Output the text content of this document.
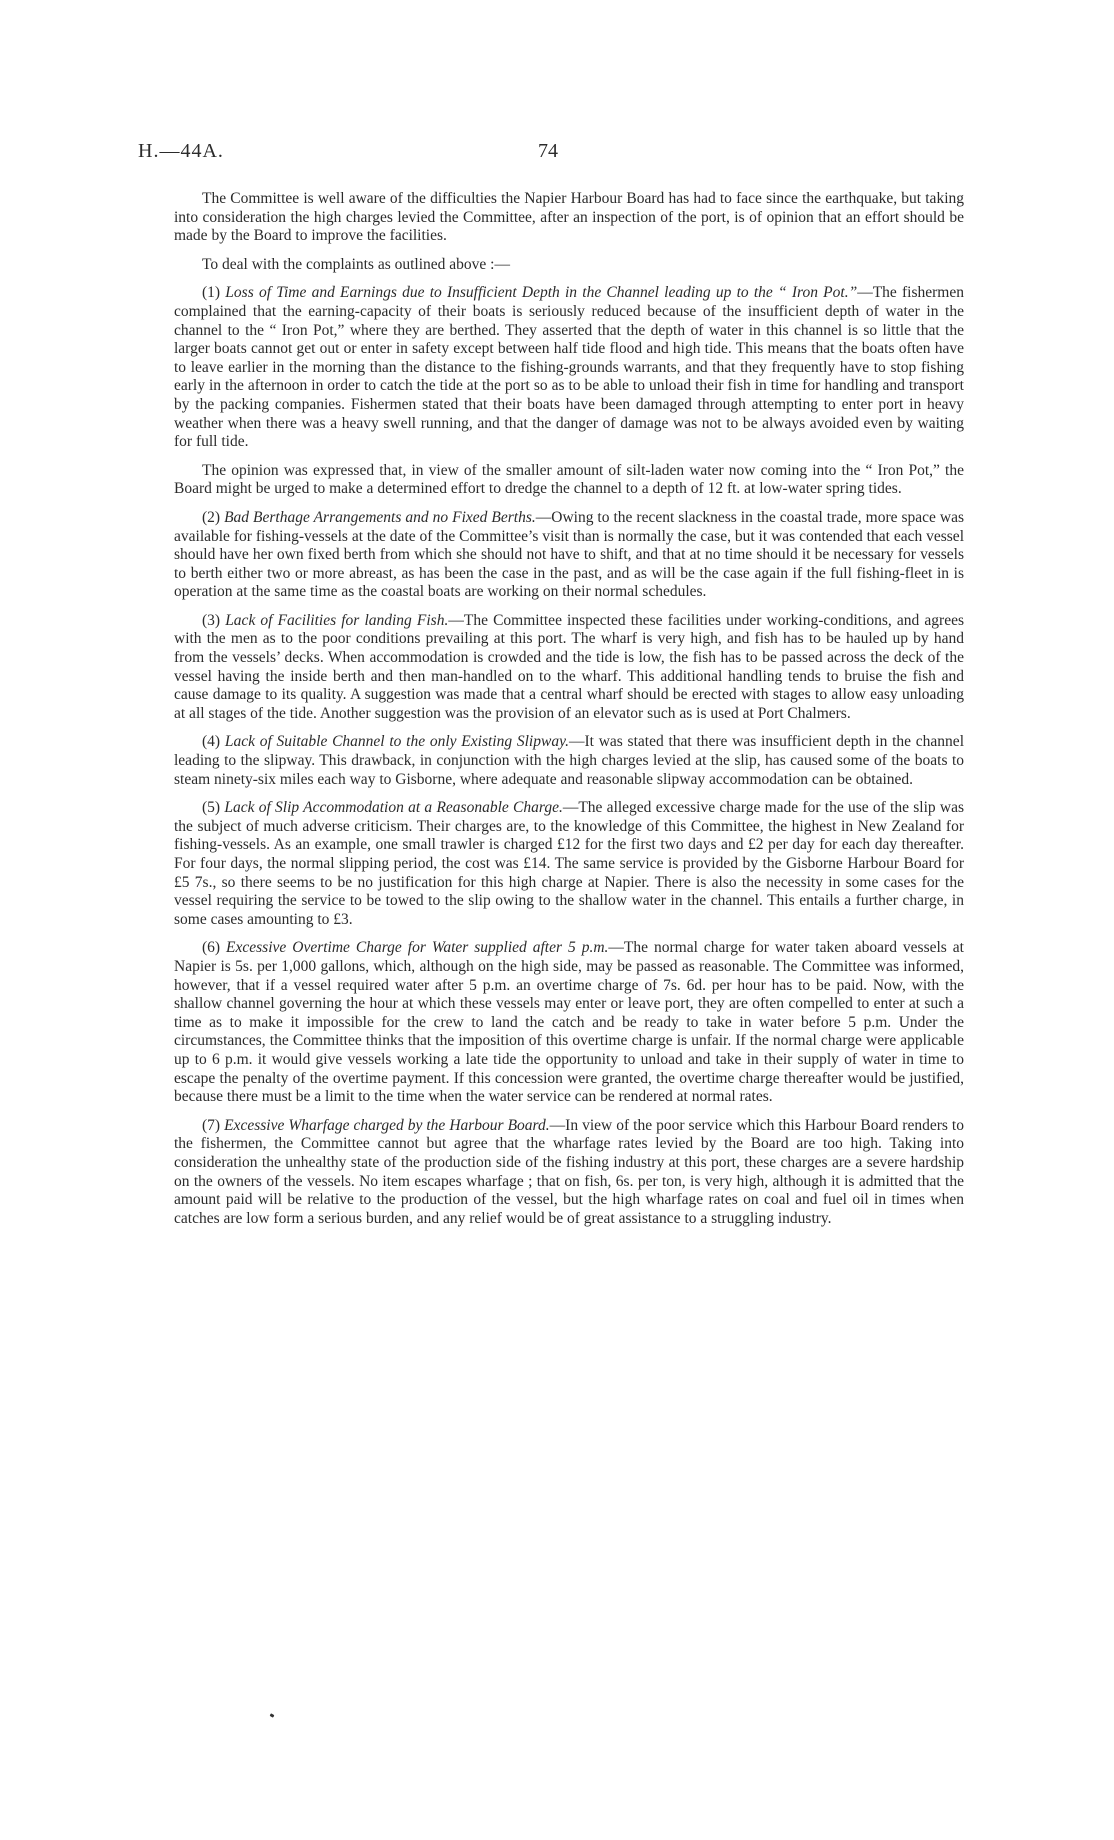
H.—44A.	74

The Committee is well aware of the difficulties the Napier Harbour Board has had to face since the earthquake, but taking into consideration the high charges levied the Committee, after an inspection of the port, is of opinion that an effort should be made by the Board to improve the facilities.

To deal with the complaints as outlined above :—

(1) Loss of Time and Earnings due to Insufficient Depth in the Channel leading up to the “ Iron Pot.”—The fishermen complained that the earning-capacity of their boats is seriously reduced because of the insufficient depth of water in the channel to the “ Iron Pot,” where they are berthed. They asserted that the depth of water in this channel is so little that the larger boats cannot get out or enter in safety except between half tide flood and high tide. This means that the boats often have to leave earlier in the morning than the distance to the fishing-grounds warrants, and that they frequently have to stop fishing early in the afternoon in order to catch the tide at the port so as to be able to unload their fish in time for handling and transport by the packing companies. Fishermen stated that their boats have been damaged through attempting to enter port in heavy weather when there was a heavy swell running, and that the danger of damage was not to be always avoided even by waiting for full tide.

The opinion was expressed that, in view of the smaller amount of silt-laden water now coming into the “ Iron Pot,” the Board might be urged to make a determined effort to dredge the channel to a depth of 12 ft. at low-water spring tides.

(2) Bad Berthage Arrangements and no Fixed Berths.—Owing to the recent slackness in the coastal trade, more space was available for fishing-vessels at the date of the Committee’s visit than is normally the case, but it was contended that each vessel should have her own fixed berth from which she should not have to shift, and that at no time should it be necessary for vessels to berth either two or more abreast, as has been the case in the past, and as will be the case again if the full fishing-fleet in is operation at the same time as the coastal boats are working on their normal schedules.

(3) Lack of Facilities for landing Fish.—The Committee inspected these facilities under working-conditions, and agrees with the men as to the poor conditions prevailing at this port. The wharf is very high, and fish has to be hauled up by hand from the vessels’ decks. When accommodation is crowded and the tide is low, the fish has to be passed across the deck of the vessel having the inside berth and then man-handled on to the wharf. This additional handling tends to bruise the fish and cause damage to its quality. A suggestion was made that a central wharf should be erected with stages to allow easy unloading at all stages of the tide. Another suggestion was the provision of an elevator such as is used at Port Chalmers.

(4) Lack of Suitable Channel to the only Existing Slipway.—It was stated that there was insufficient depth in the channel leading to the slipway. This drawback, in conjunction with the high charges levied at the slip, has caused some of the boats to steam ninety-six miles each way to Gisborne, where adequate and reasonable slipway accommodation can be obtained.

(5) Lack of Slip Accommodation at a Reasonable Charge.—The alleged excessive charge made for the use of the slip was the subject of much adverse criticism. Their charges are, to the knowledge of this Committee, the highest in New Zealand for fishing-vessels. As an example, one small trawler is charged £12 for the first two days and £2 per day for each day thereafter. For four days, the normal slipping period, the cost was £14. The same service is provided by the Gisborne Harbour Board for £5 7s., so there seems to be no justification for this high charge at Napier. There is also the necessity in some cases for the vessel requiring the service to be towed to the slip owing to the shallow water in the channel. This entails a further charge, in some cases amounting to £3.

(6) Excessive Overtime Charge for Water supplied after 5 p.m.—The normal charge for water taken aboard vessels at Napier is 5s. per 1,000 gallons, which, although on the high side, may be passed as reasonable. The Committee was informed, however, that if a vessel required water after 5 p.m. an overtime charge of 7s. 6d. per hour has to be paid. Now, with the shallow channel governing the hour at which these vessels may enter or leave port, they are often compelled to enter at such a time as to make it impossible for the crew to land the catch and be ready to take in water before 5 p.m. Under the circumstances, the Committee thinks that the imposition of this overtime charge is unfair. If the normal charge were applicable up to 6 p.m. it would give vessels working a late tide the opportunity to unload and take in their supply of water in time to escape the penalty of the overtime payment. If this concession were granted, the overtime charge thereafter would be justified, because there must be a limit to the time when the water service can be rendered at normal rates.

(7) Excessive Wharfage charged by the Harbour Board.—In view of the poor service which this Harbour Board renders to the fishermen, the Committee cannot but agree that the wharfage rates levied by the Board are too high. Taking into consideration the unhealthy state of the production side of the fishing industry at this port, these charges are a severe hardship on the owners of the vessels. No item escapes wharfage ; that on fish, 6s. per ton, is very high, although it is admitted that the amount paid will be relative to the production of the vessel, but the high wharfage rates on coal and fuel oil in times when catches are low form a serious burden, and any relief would be of great assistance to a struggling industry.
